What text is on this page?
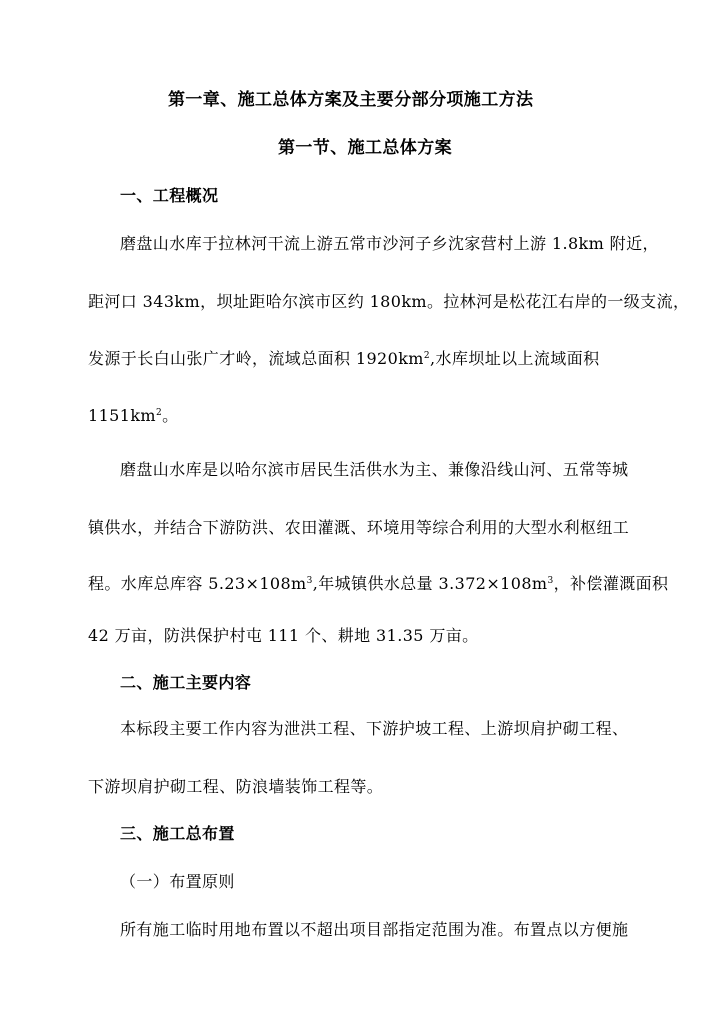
第一章、施工总体方案及主要分部分项施工方法
第一节、施工总体方案
一、工程概况
磨盘山水库于拉林河干流上游五常市沙河子乡沈家营村上游 1.8km 附近，
距河口 343km，坝址距哈尔滨市区约 180km。拉林河是松花江右岸的一级支流，
发源于长白山张广才岭，流域总面积 $1920km^2$,水库坝址以上流域面积
$1151km^2$。
磨盘山水库是以哈尔滨市居民生活供水为主、兼像沿线山河、五常等城
镇供水，并结合下游防洪、农田灌溉、环境用等综合利用的大型水利枢纽工
程。水库总库容 $5.23\times 108m^3$,年城镇供水总量 $3.372\times 108m^3$，补偿灌溉面积
42 万亩，防洪保护村屯 111 个、耕地 31.35 万亩。
二、施工主要内容
本标段主要工作内容为泄洪工程、下游护坡工程、上游坝肩护砌工程、
下游坝肩护砌工程、防浪墙装饰工程等。
三、施工总布置
（一）布置原则
所有施工临时用地布置以不超出项目部指定范围为准。布置点以方便施
